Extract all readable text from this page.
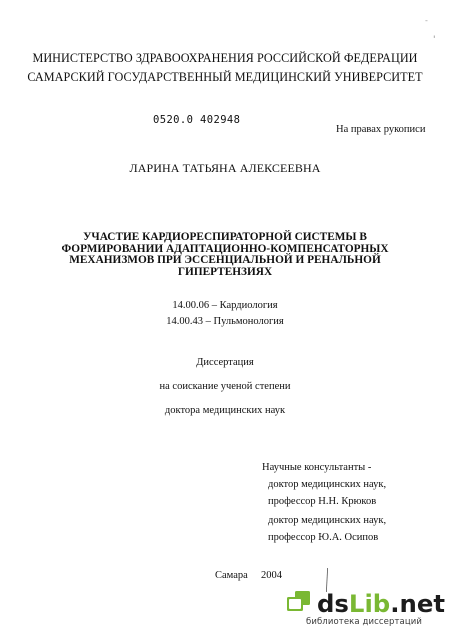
-
'
МИНИСТЕРСТВО ЗДРАВООХРАНЕНИЯ РОССИЙСКОЙ ФЕДЕРАЦИИ
САМАРСКИЙ ГОСУДАРСТВЕННЫЙ МЕДИЦИНСКИЙ УНИВЕРСИТЕТ
0520.0 402948
На правах рукописи
ЛАРИНА ТАТЬЯНА АЛЕКСЕЕВНА
УЧАСТИЕ КАРДИОРЕСПИРАТОРНОЙ СИСТЕМЫ В
ФОРМИРОВАНИИ АДАПТАЦИОННО-КОМПЕНСАТОРНЫХ
МЕХАНИЗМОВ ПРИ ЭССЕНЦИАЛЬНОЙ И РЕНАЛЬНОЙ
ГИПЕРТЕНЗИЯХ
14.00.06 – Кардиология
14.00.43 – Пульмонология
Диссертация
на соискание ученой степени
доктора медицинских наук
Научные консультанты -
доктор медицинских наук,
профессор Н.Н. Крюков
доктор медицинских наук,
профессор Ю.А. Осипов
Самара 2004
dsLib.net
библиотека диссертаций
